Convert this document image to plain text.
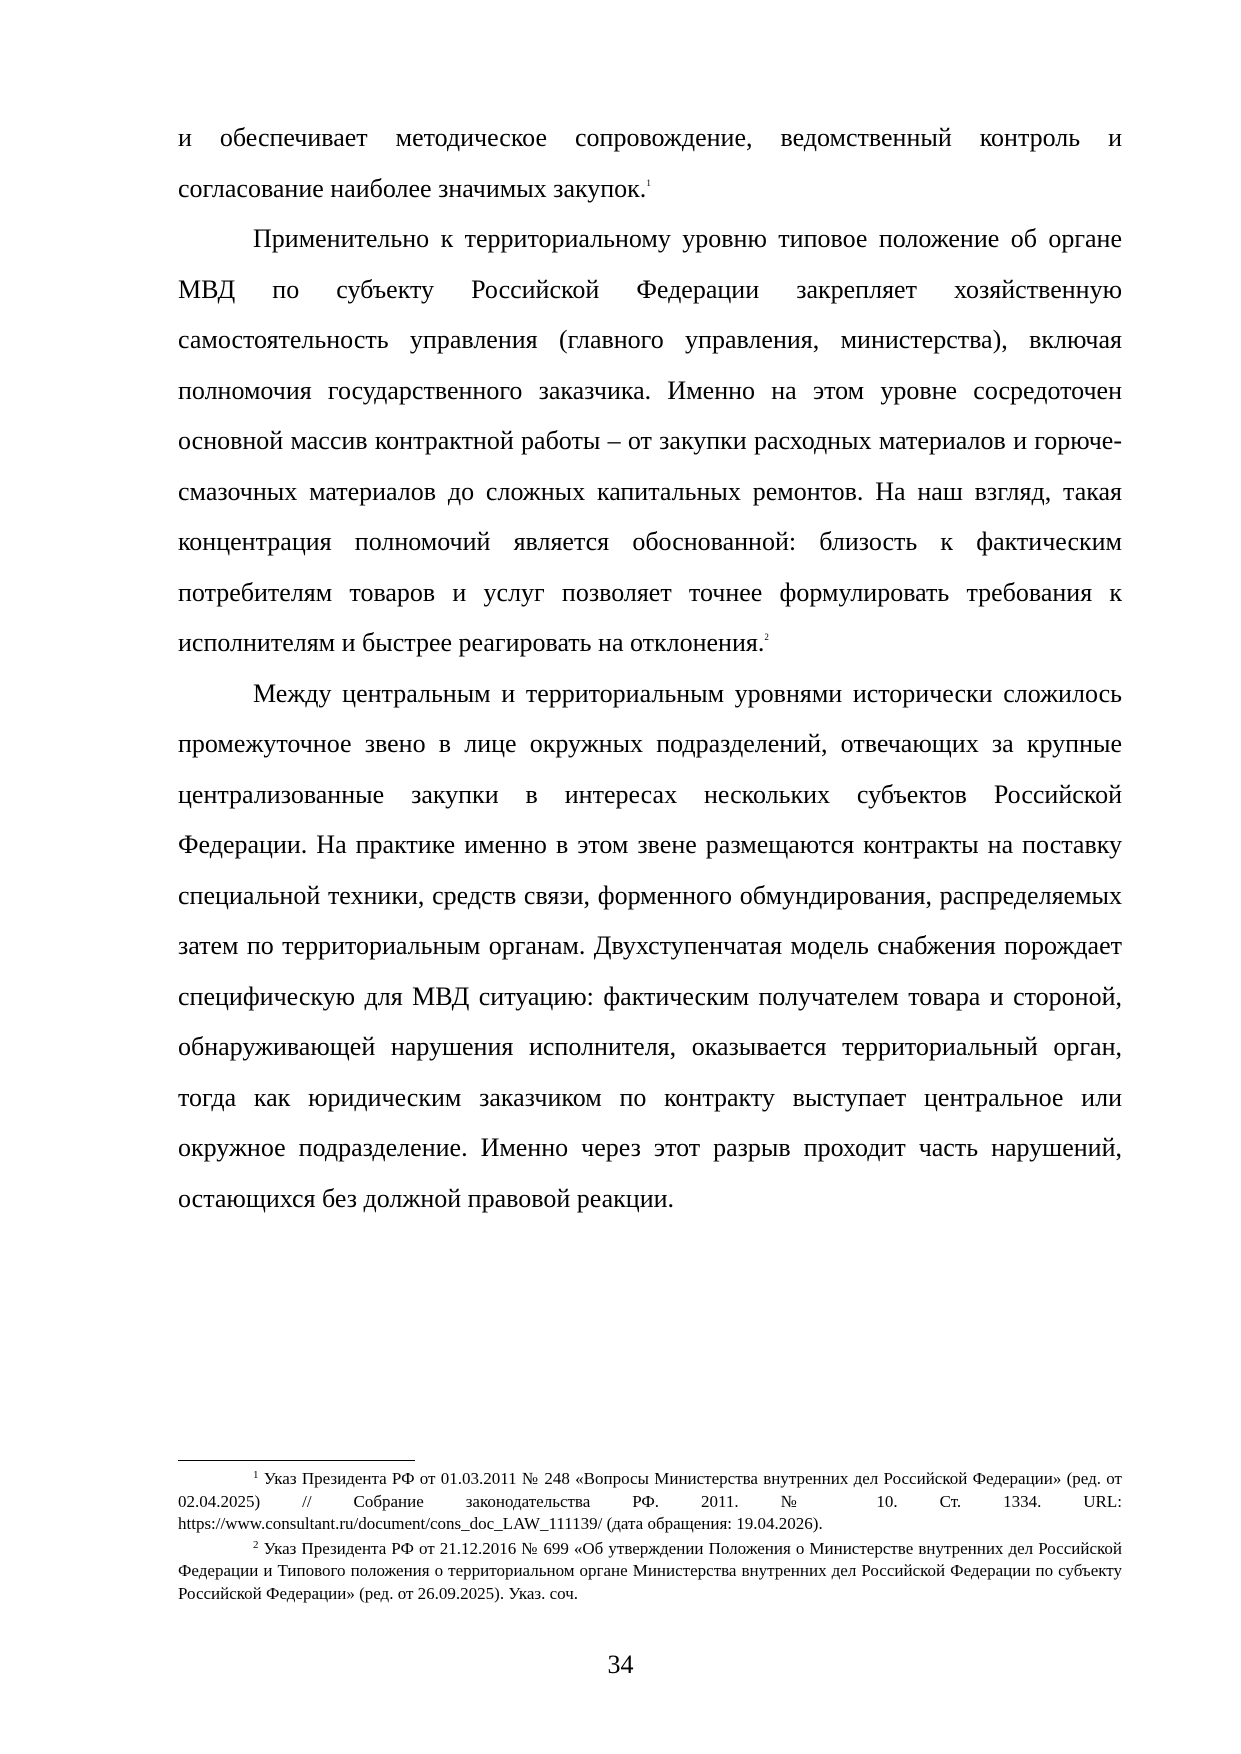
и обеспечивает методическое сопровождение, ведомственный контроль и согласование наиболее значимых закупок.$^1$

Применительно к территориальному уровню типовое положение об органе МВД по субъекту Российской Федерации закрепляет хозяйственную самостоятельность управления (главного управления, министерства), включая полномочия государственного заказчика. Именно на этом уровне сосредоточен основной массив контрактной работы – от закупки расходных материалов и горюче-смазочных материалов до сложных капитальных ремонтов. На наш взгляд, такая концентрация полномочий является обоснованной: близость к фактическим потребителям товаров и услуг позволяет точнее формулировать требования к исполнителям и быстрее реагировать на отклонения.$^2$

Между центральным и территориальным уровнями исторически сложилось промежуточное звено в лице окружных подразделений, отвечающих за крупные централизованные закупки в интересах нескольких субъектов Российской Федерации. На практике именно в этом звене размещаются контракты на поставку специальной техники, средств связи, форменного обмундирования, распределяемых затем по территориальным органам. Двухступенчатая модель снабжения порождает специфическую для МВД ситуацию: фактическим получателем товара и стороной, обнаруживающей нарушения исполнителя, оказывается территориальный орган, тогда как юридическим заказчиком по контракту выступает центральное или окружное подразделение. Именно через этот разрыв проходит часть нарушений, остающихся без должной правовой реакции.

$^1$ Указ Президента РФ от 01.03.2011 № 248 «Вопросы Министерства внутренних дел Российской Федерации» (ред. от 02.04.2025) // Собрание законодательства РФ. 2011. № 10. Ст. 1334. URL: https://www.consultant.ru/document/cons_doc_LAW_111139/ (дата обращения: 19.04.2026).

$^2$ Указ Президента РФ от 21.12.2016 № 699 «Об утверждении Положения о Министерстве внутренних дел Российской Федерации и Типового положения о территориальном органе Министерства внутренних дел Российской Федерации по субъекту Российской Федерации» (ред. от 26.09.2025). Указ. соч.

34
